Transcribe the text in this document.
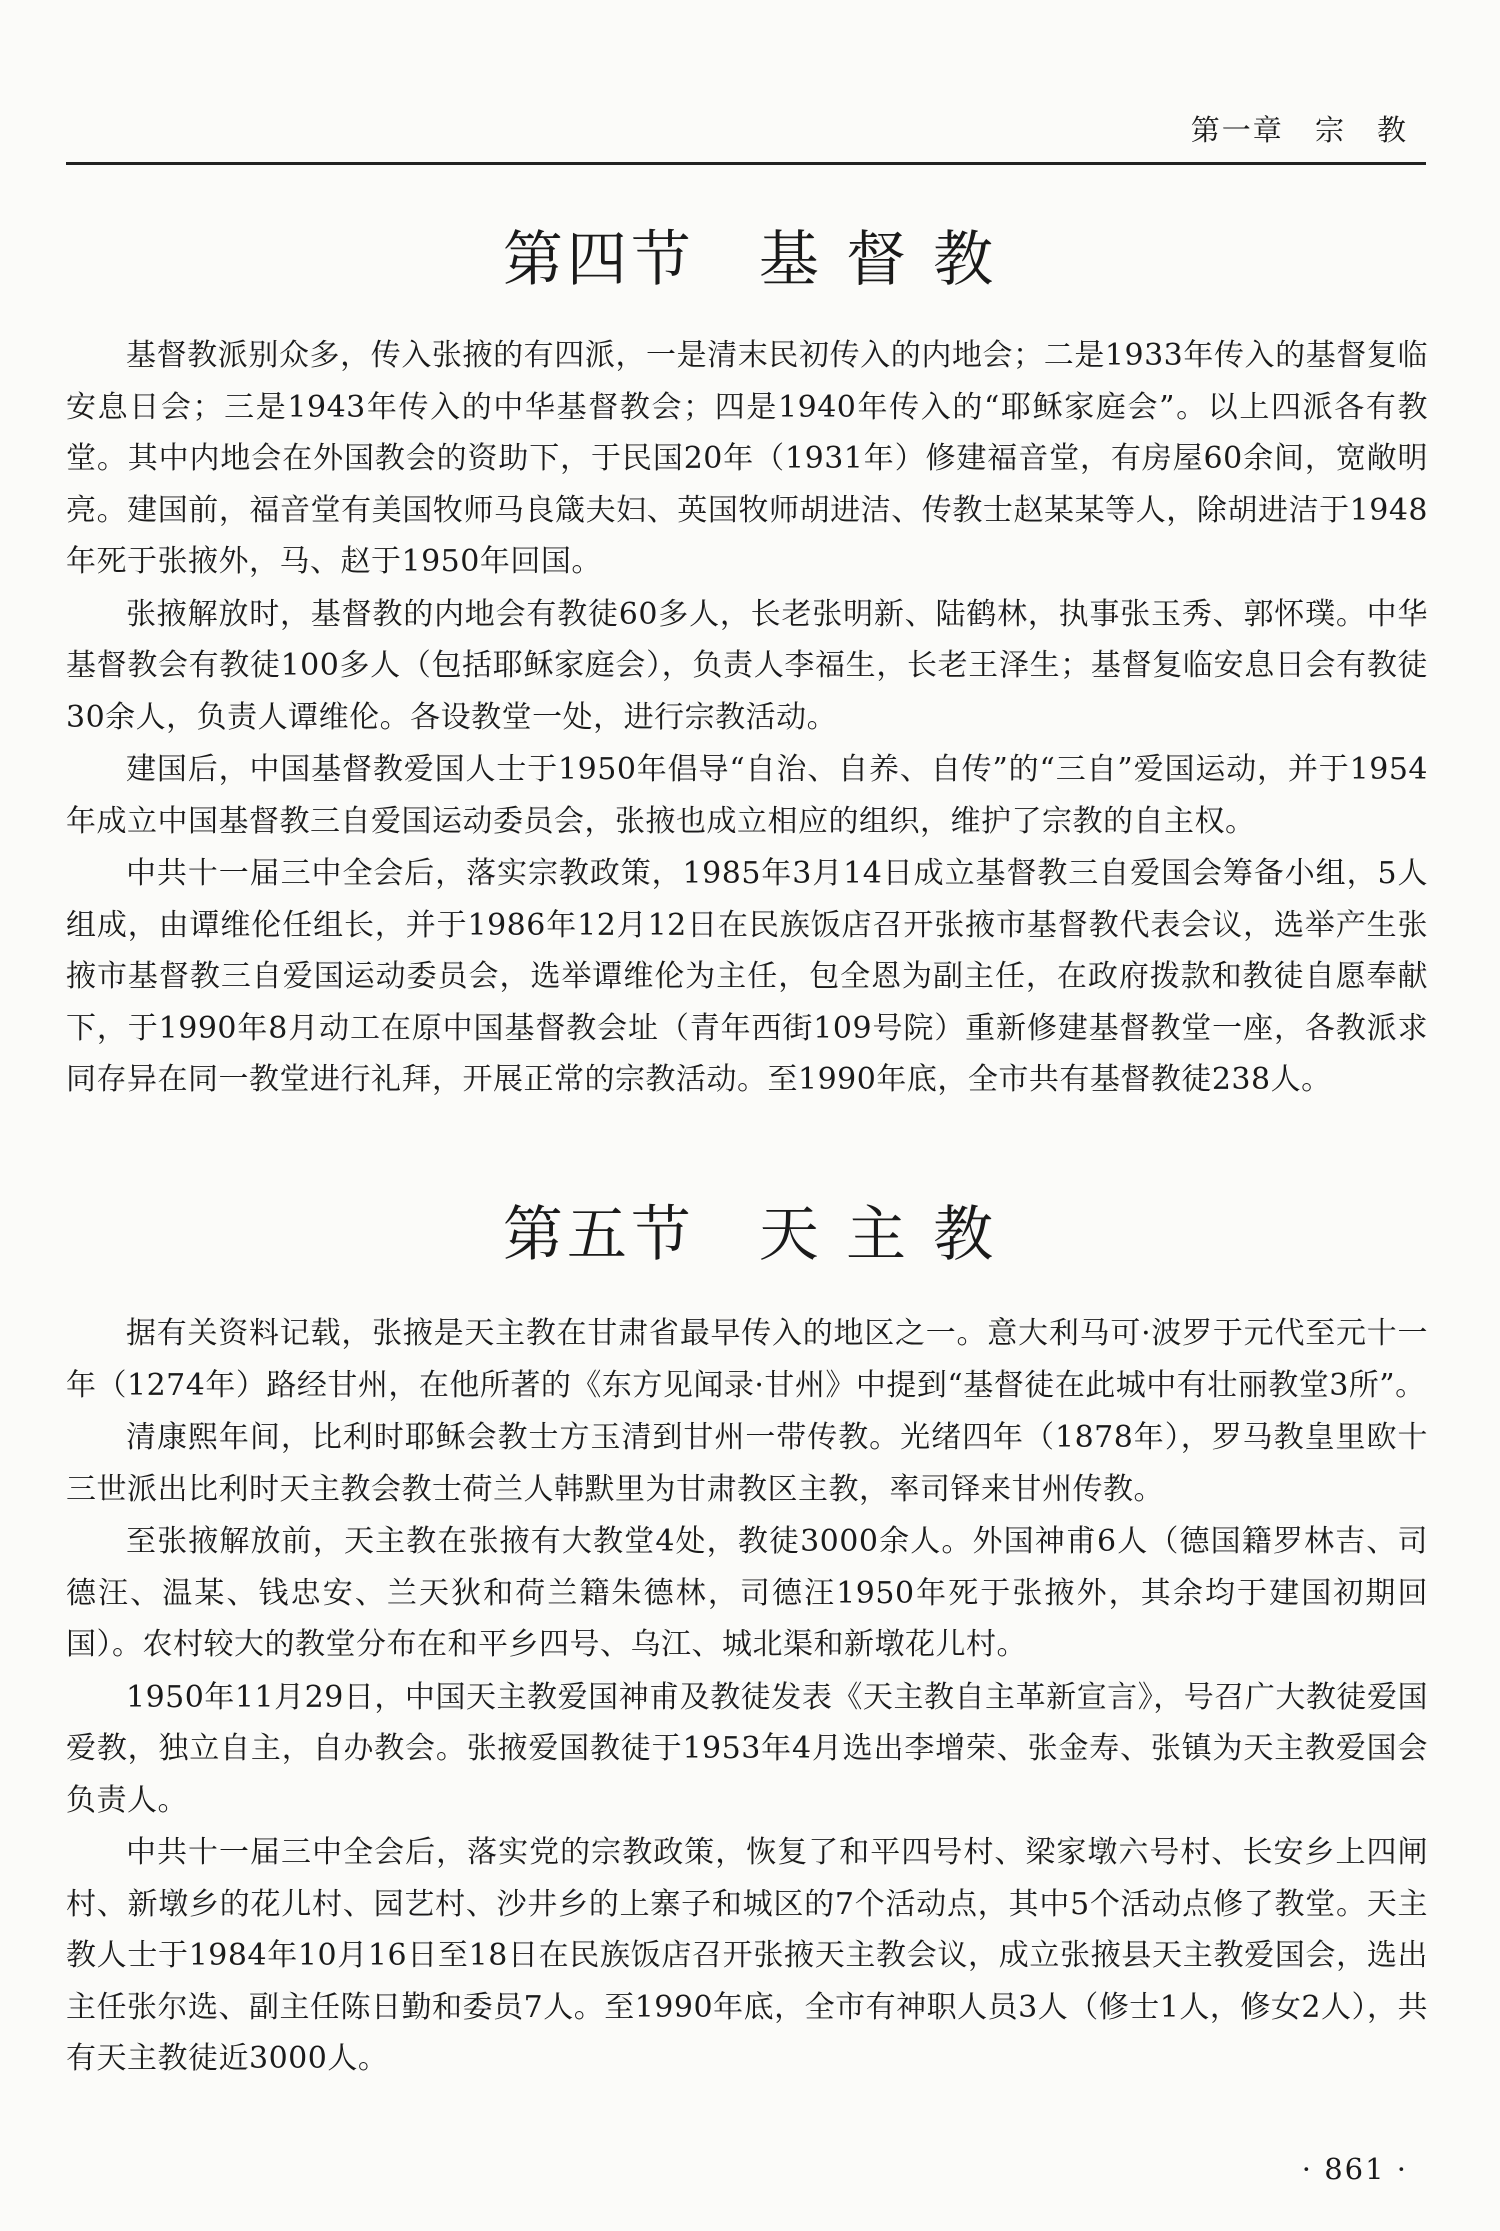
第一章 宗　教
第四节　基 督 教

基督教派别众多，传入张掖的有四派，一是清末民初传入的内地会；二是1933年传入的基督复临安息日会；三是1943年传入的中华基督教会；四是1940年传入的“耶稣家庭会”。以上四派各有教堂。其中内地会在外国教会的资助下，于民国20年（1931年）修建福音堂，有房屋60余间，宽敞明亮。建国前，福音堂有美国牧师马良箴夫妇、英国牧师胡进洁、传教士赵某某等人，除胡进洁于1948年死于张掖外，马、赵于1950年回国。

张掖解放时，基督教的内地会有教徒60多人，长老张明新、陆鹤林，执事张玉秀、郭怀璞。中华基督教会有教徒100多人（包括耶稣家庭会），负责人李福生，长老王泽生；基督复临安息日会有教徒30余人，负责人谭维伦。各设教堂一处，进行宗教活动。

建国后，中国基督教爱国人士于1950年倡导“自治、自养、自传”的“三自”爱国运动，并于1954年成立中国基督教三自爱国运动委员会，张掖也成立相应的组织，维护了宗教的自主权。

中共十一届三中全会后，落实宗教政策，1985年3月14日成立基督教三自爱国会筹备小组，5人组成，由谭维伦任组长，并于1986年12月12日在民族饭店召开张掖市基督教代表会议，选举产生张掖市基督教三自爱国运动委员会，选举谭维伦为主任，包全恩为副主任，在政府拨款和教徒自愿奉献下，于1990年8月动工在原中国基督教会址（青年西街109号院）重新修建基督教堂一座，各教派求同存异在同一教堂进行礼拜，开展正常的宗教活动。至1990年底，全市共有基督教徒238人。

第五节　天 主 教

据有关资料记载，张掖是天主教在甘肃省最早传入的地区之一。意大利马可·波罗于元代至元十一年（1274年）路经甘州，在他所著的《东方见闻录·甘州》中提到“基督徒在此城中有壮丽教堂3所”。

清康熙年间，比利时耶稣会教士方玉清到甘州一带传教。光绪四年（1878年），罗马教皇里欧十三世派出比利时天主教会教士荷兰人韩默里为甘肃教区主教，率司铎来甘州传教。

至张掖解放前，天主教在张掖有大教堂4处，教徒3000余人。外国神甫6人（德国籍罗林吉、司德汪、温某、钱忠安、兰天狄和荷兰籍朱德林，司德汪1950年死于张掖外，其余均于建国初期回国）。农村较大的教堂分布在和平乡四号、乌江、城北渠和新墩花儿村。

1950年11月29日，中国天主教爱国神甫及教徒发表《天主教自主革新宣言》，号召广大教徒爱国爱教，独立自主，自办教会。张掖爱国教徒于1953年4月选出李增荣、张金寿、张镇为天主教爱国会负责人。

中共十一届三中全会后，落实党的宗教政策，恢复了和平四号村、梁家墩六号村、长安乡上四闸村、新墩乡的花儿村、园艺村、沙井乡的上寨子和城区的7个活动点，其中5个活动点修了教堂。天主教人士于1984年10月16日至18日在民族饭店召开张掖天主教会议，成立张掖县天主教爱国会，选出主任张尔选、副主任陈日勤和委员7人。至1990年底，全市有神职人员3人（修士1人，修女2人），共有天主教徒近3000人。

· 861 ·
